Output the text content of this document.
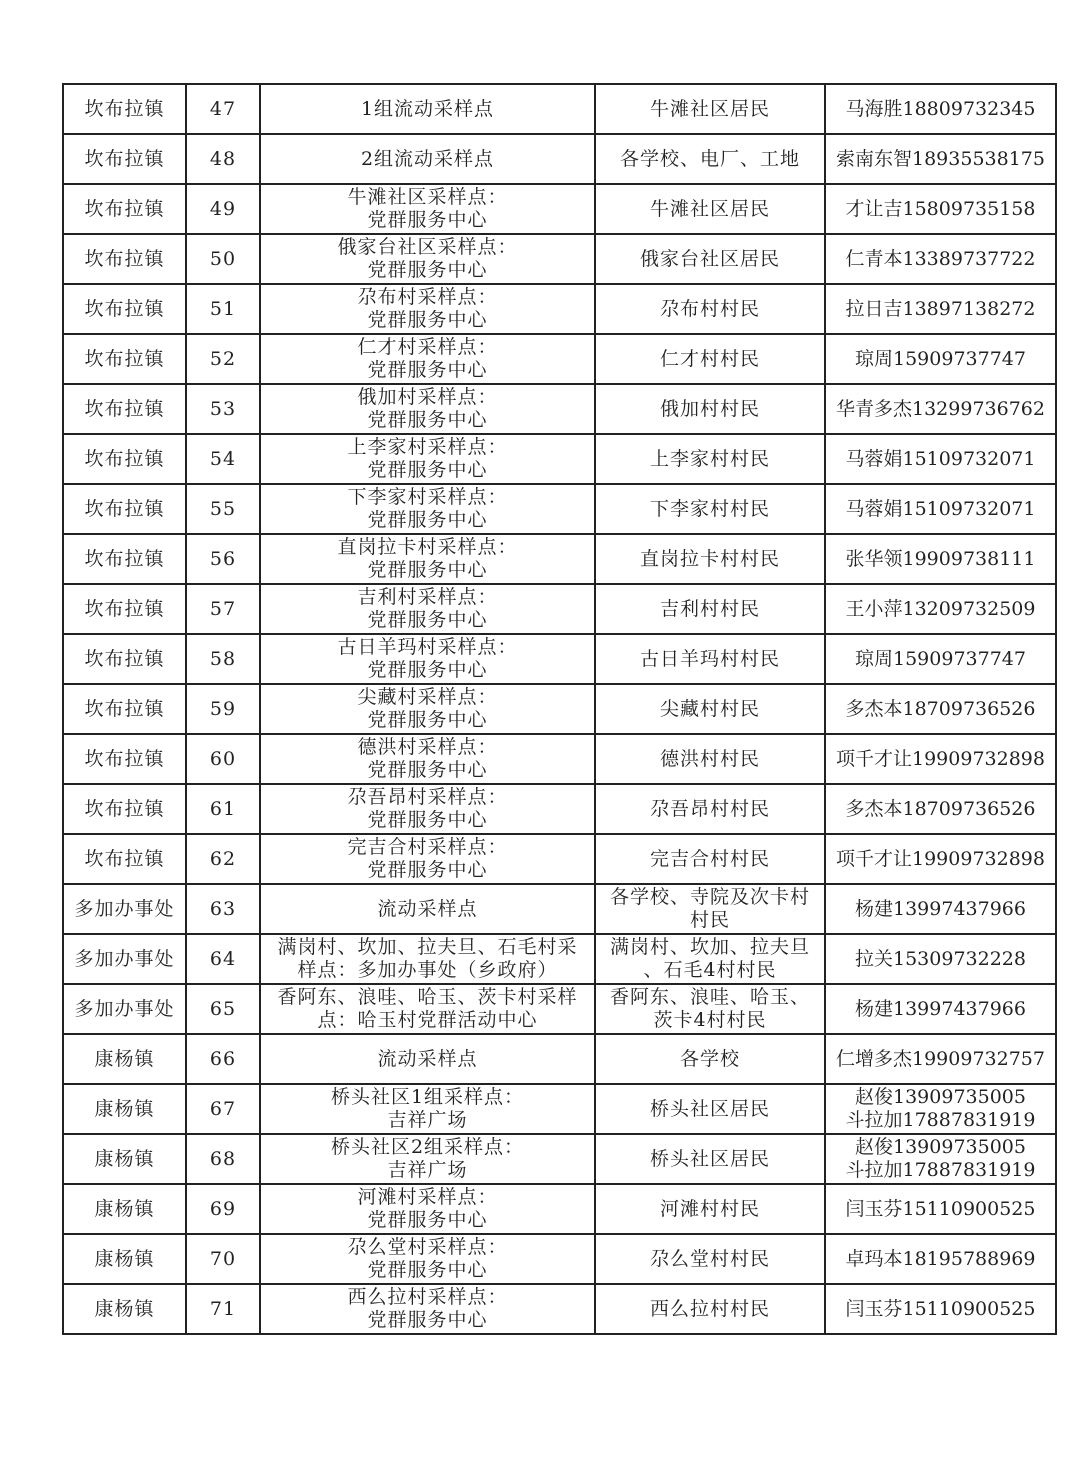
坎布拉镇	47	1组流动采样点	牛滩社区居民	马海胜18809732345

坎布拉镇	48	2组流动采样点	各学校、电厂、工地	索南东智18935538175

坎布拉镇	49	牛滩社区采样点：
党群服务中心	牛滩社区居民	才让吉15809735158

坎布拉镇	50	俄家台社区采样点：
党群服务中心	俄家台社区居民	仁青本13389737722

坎布拉镇	51	尕布村采样点：
党群服务中心	尕布村村民	拉日吉13897138272

坎布拉镇	52	仁才村采样点：
党群服务中心	仁才村村民	琼周15909737747

坎布拉镇	53	俄加村采样点：
党群服务中心	俄加村村民	华青多杰13299736762

坎布拉镇	54	上李家村采样点：
党群服务中心	上李家村村民	马蓉娟15109732071

坎布拉镇	55	下李家村采样点：
党群服务中心	下李家村村民	马蓉娟15109732071

坎布拉镇	56	直岗拉卡村采样点：
党群服务中心	直岗拉卡村村民	张华领19909738111

坎布拉镇	57	吉利村采样点：
党群服务中心	吉利村村民	王小萍13209732509

坎布拉镇	58	古日羊玛村采样点：
党群服务中心	古日羊玛村村民	琼周15909737747

坎布拉镇	59	尖藏村采样点：
党群服务中心	尖藏村村民	多杰本18709736526

坎布拉镇	60	德洪村采样点：
党群服务中心	德洪村村民	项千才让19909732898

坎布拉镇	61	尕吾昂村采样点：
党群服务中心	尕吾昂村村民	多杰本18709736526

坎布拉镇	62	完吉合村采样点：
党群服务中心	完吉合村村民	项千才让19909732898

多加办事处	63	流动采样点	各学校、寺院及次卡村
村民	杨建13997437966

多加办事处	64	满岗村、坎加、拉夫旦、石毛村采
样点：多加办事处（乡政府）	满岗村、坎加、拉夫旦
、石毛4村村民	拉关15309732228

多加办事处	65	香阿东、浪哇、哈玉、茨卡村采样
点：哈玉村党群活动中心	香阿东、浪哇、哈玉、
茨卡4村村民	杨建13997437966

康杨镇	66	流动采样点	各学校	仁增多杰19909732757

康杨镇	67	桥头社区1组采样点：
吉祥广场	桥头社区居民	赵俊13909735005
斗拉加17887831919

康杨镇	68	桥头社区2组采样点：
吉祥广场	桥头社区居民	赵俊13909735005
斗拉加17887831919

康杨镇	69	河滩村采样点：
党群服务中心	河滩村村民	闫玉芬15110900525

康杨镇	70	尕么堂村采样点：
党群服务中心	尕么堂村村民	卓玛本18195788969

康杨镇	71	西么拉村采样点：
党群服务中心	西么拉村村民	闫玉芬15110900525
